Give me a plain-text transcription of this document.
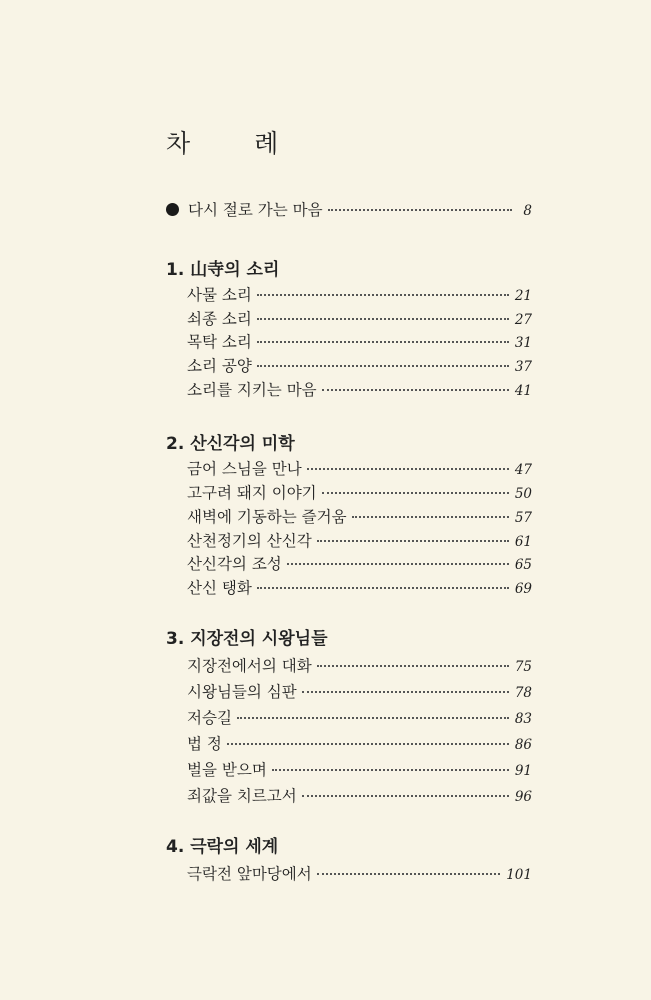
차 례
다시 절로 가는 마음	8
1. 山寺의 소리
사물 소리	21
쇠종 소리	27
목탁 소리	31
소리 공양	37
소리를 지키는 마음	41
2. 산신각의 미학
금어 스님을 만나	47
고구려 돼지 이야기	50
새벽에 기동하는 즐거움	57
산천정기의 산신각	61
산신각의 조성	65
산신 탱화	69
3. 지장전의 시왕님들
지장전에서의 대화	75
시왕님들의 심판	78
저승길	83
법 정	86
벌을 받으며	91
죄값을 치르고서	96
4. 극락의 세계
극락전 앞마당에서	101
